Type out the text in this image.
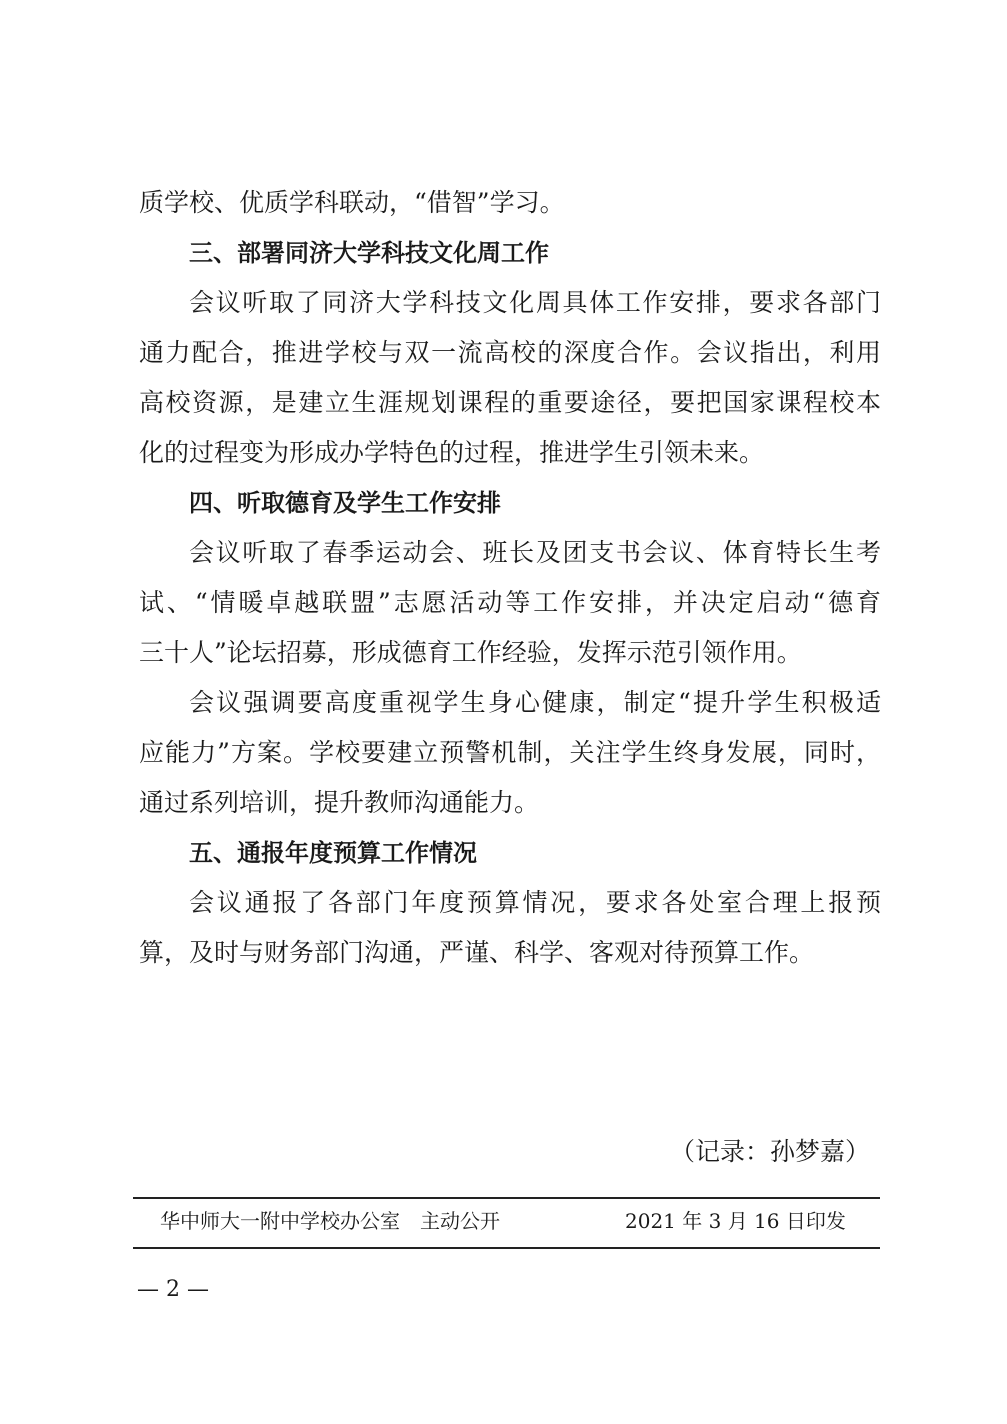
质学校、优质学科联动，“借智”学习。

三、部署同济大学科技文化周工作

会议听取了同济大学科技文化周具体工作安排，要求各部门

通力配合，推进学校与双一流高校的深度合作。会议指出，利用

高校资源，是建立生涯规划课程的重要途径，要把国家课程校本

化的过程变为形成办学特色的过程，推进学生引领未来。

四、听取德育及学生工作安排

会议听取了春季运动会、班长及团支书会议、体育特长生考

试、“情暖卓越联盟”志愿活动等工作安排，并决定启动“德育

三十人”论坛招募，形成德育工作经验，发挥示范引领作用。

会议强调要高度重视学生身心健康，制定“提升学生积极适

应能力”方案。学校要建立预警机制，关注学生终身发展，同时，

通过系列培训，提升教师沟通能力。

五、通报年度预算工作情况

会议通报了各部门年度预算情况，要求各处室合理上报预

算，及时与财务部门沟通，严谨、科学、客观对待预算工作。

（记录：孙梦嘉）
华中师大一附中学校办公室　主动公开	2021 年 3 月 16 日印发
— 2 —
